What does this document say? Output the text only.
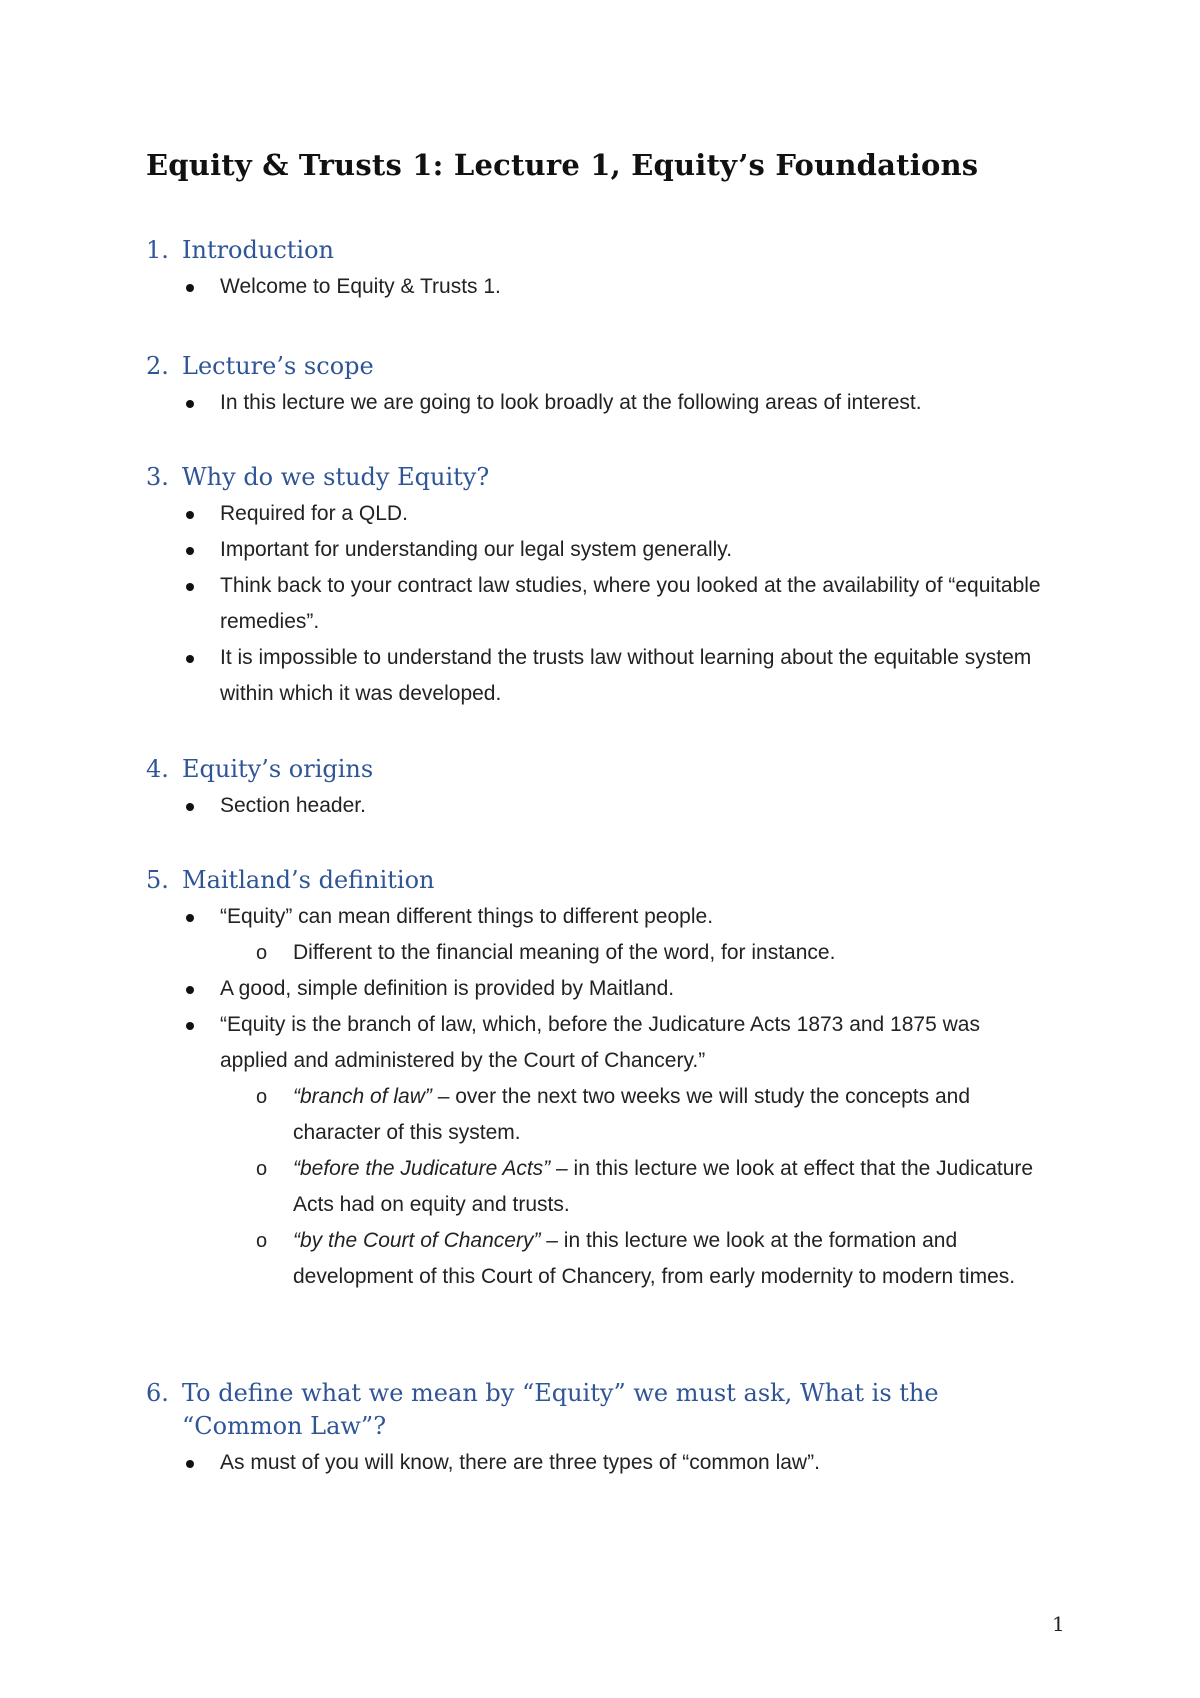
Equity & Trusts 1: Lecture 1, Equity’s Foundations
1. Introduction
Welcome to Equity & Trusts 1.
2. Lecture’s scope
In this lecture we are going to look broadly at the following areas of interest.
3. Why do we study Equity?
Required for a QLD.
Important for understanding our legal system generally.
Think back to your contract law studies, where you looked at the availability of “equitable remedies”.
It is impossible to understand the trusts law without learning about the equitable system within which it was developed.
4. Equity’s origins
Section header.
5. Maitland’s definition
“Equity” can mean different things to different people.
o Different to the financial meaning of the word, for instance.
A good, simple definition is provided by Maitland.
“Equity is the branch of law, which, before the Judicature Acts 1873 and 1875 was applied and administered by the Court of Chancery.”
o “branch of law” – over the next two weeks we will study the concepts and character of this system.
o “before the Judicature Acts” – in this lecture we look at effect that the Judicature Acts had on equity and trusts.
o “by the Court of Chancery” – in this lecture we look at the formation and development of this Court of Chancery, from early modernity to modern times.
6. To define what we mean by “Equity” we must ask, What is the “Common Law”?
As must of you will know, there are three types of “common law”.
1
